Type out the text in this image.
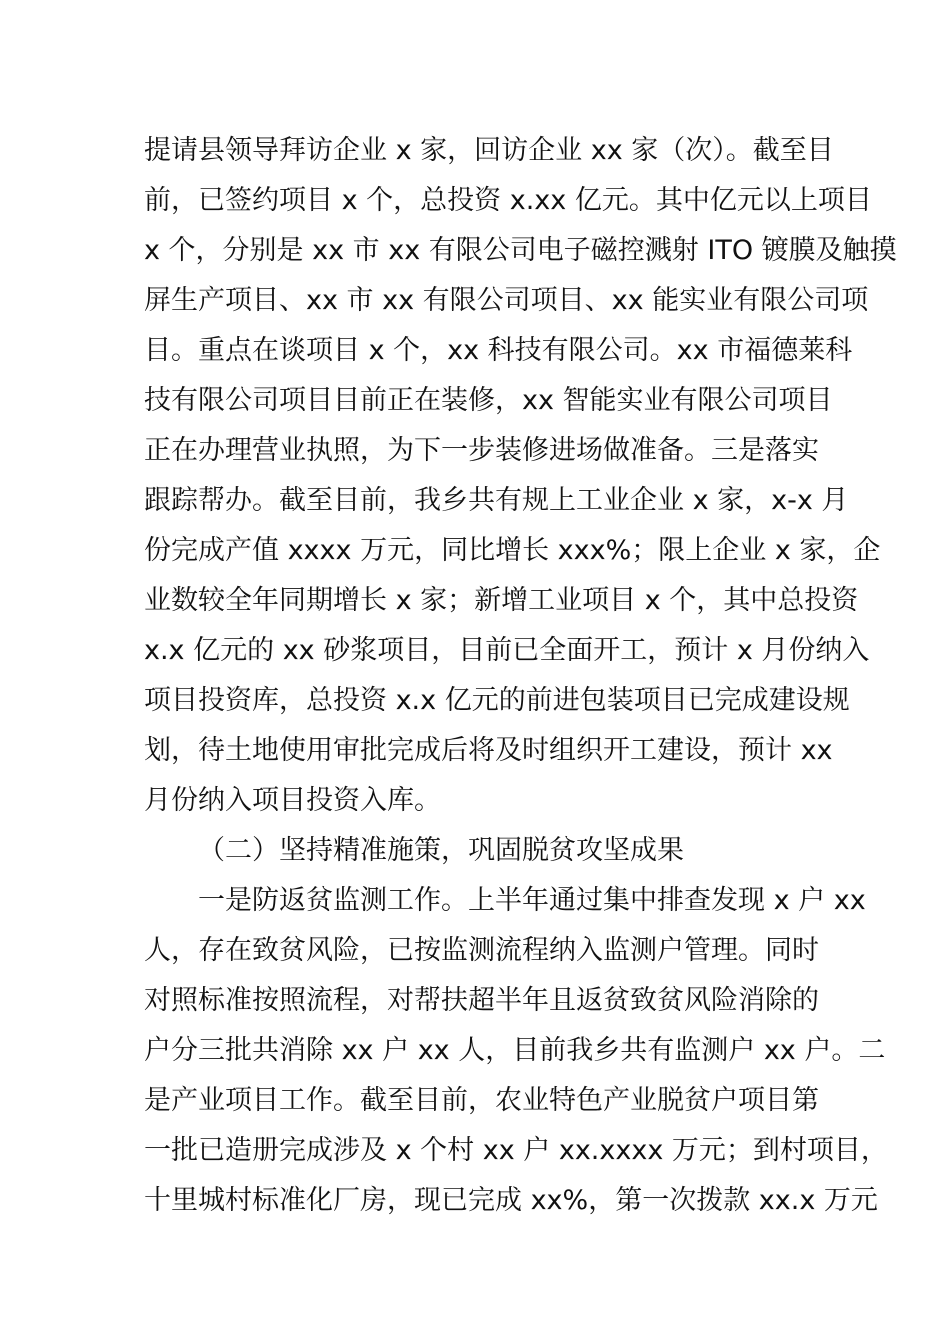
提请县领导拜访企业 x 家，回访企业 xx 家（次）。截至目
前，已签约项目 x 个，总投资 x.xx 亿元。其中亿元以上项目
x 个，分别是 xx 市 xx 有限公司电子磁控溅射 ITO 镀膜及触摸
屏生产项目、xx 市 xx 有限公司项目、xx 能实业有限公司项
目。重点在谈项目 x 个，xx 科技有限公司。xx 市福德莱科
技有限公司项目目前正在装修，xx 智能实业有限公司项目
正在办理营业执照，为下一步装修进场做准备。三是落实
跟踪帮办。截至目前，我乡共有规上工业企业 x 家，x-x 月
份完成产值 xxxx 万元，同比增长 xxx%；限上企业 x 家，企
业数较全年同期增长 x 家；新增工业项目 x 个，其中总投资
x.x 亿元的 xx 砂浆项目，目前已全面开工，预计 x 月份纳入
项目投资库，总投资 x.x 亿元的前进包装项目已完成建设规
划，待土地使用审批完成后将及时组织开工建设，预计 xx
月份纳入项目投资入库。
（二）坚持精准施策，巩固脱贫攻坚成果
一是防返贫监测工作。上半年通过集中排查发现 x 户 xx
人，存在致贫风险，已按监测流程纳入监测户管理。同时
对照标准按照流程，对帮扶超半年且返贫致贫风险消除的
户分三批共消除 xx 户 xx 人，目前我乡共有监测户 xx 户。二
是产业项目工作。截至目前，农业特色产业脱贫户项目第
一批已造册完成涉及 x 个村 xx 户 xx.xxxx 万元；到村项目，
十里城村标准化厂房，现已完成 xx%，第一次拨款 xx.x 万元
